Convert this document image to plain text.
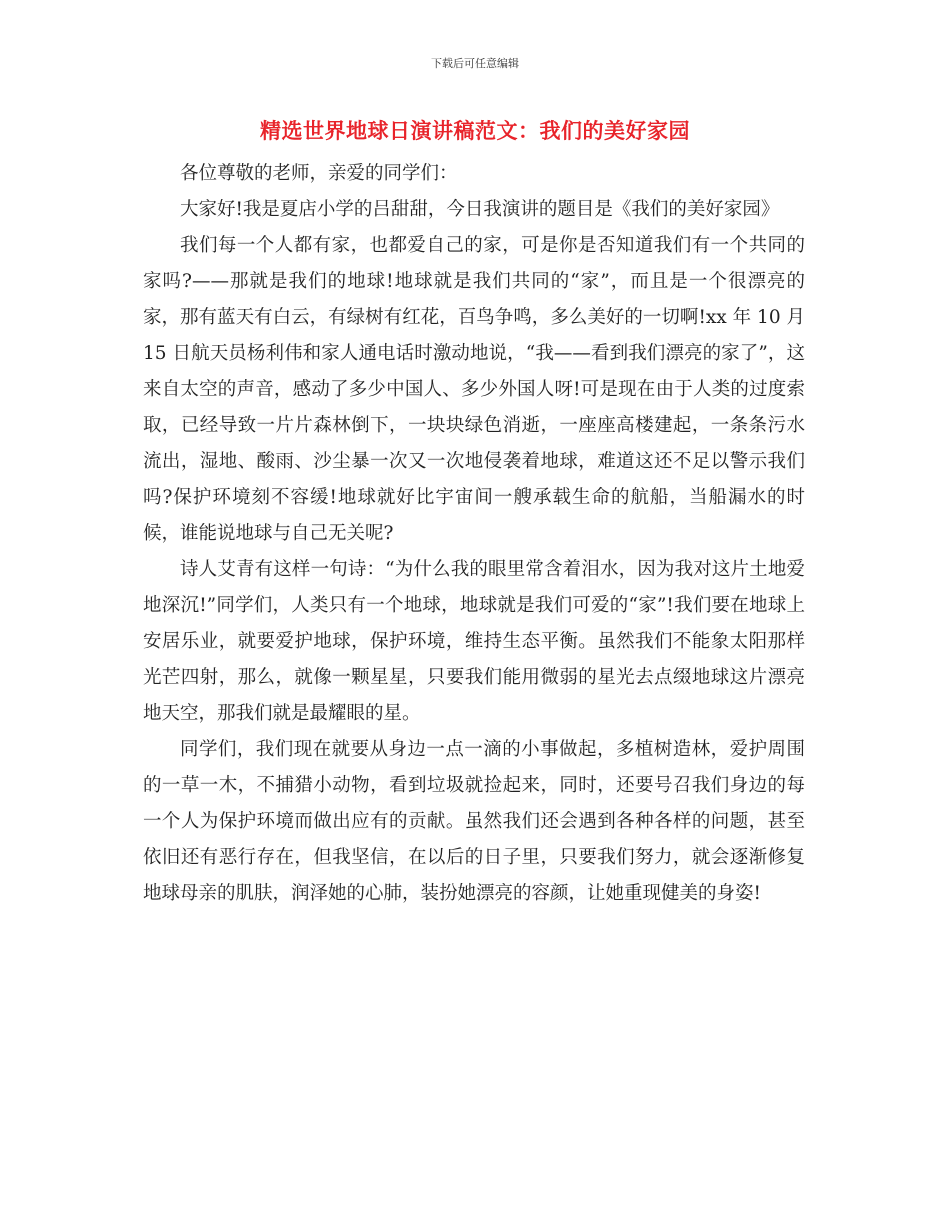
下载后可任意编辑
精选世界地球日演讲稿范文：我们的美好家园

各位尊敬的老师，亲爱的同学们：

大家好!我是夏店小学的吕甜甜，今日我演讲的题目是《我们的美好家园》

我们每一个人都有家，也都爱自己的家，可是你是否知道我们有一个共同的家吗?——那就是我们的地球!地球就是我们共同的“家”，而且是一个很漂亮的家，那有蓝天有白云，有绿树有红花，百鸟争鸣，多么美好的一切啊!xx 年 10 月 15 日航天员杨利伟和家人通电话时激动地说，“我——看到我们漂亮的家了”，这来自太空的声音，感动了多少中国人、多少外国人呀!可是现在由于人类的过度索取，已经导致一片片森林倒下，一块块绿色消逝，一座座高楼建起，一条条污水流出，湿地、酸雨、沙尘暴一次又一次地侵袭着地球，难道这还不足以警示我们吗?保护环境刻不容缓!地球就好比宇宙间一艘承载生命的航船，当船漏水的时候，谁能说地球与自己无关呢?

诗人艾青有这样一句诗：“为什么我的眼里常含着泪水，因为我对这片土地爱地深沉!”同学们，人类只有一个地球，地球就是我们可爱的“家”!我们要在地球上安居乐业，就要爱护地球，保护环境，维持生态平衡。虽然我们不能象太阳那样光芒四射，那么，就像一颗星星，只要我们能用微弱的星光去点缀地球这片漂亮地天空，那我们就是最耀眼的星。

同学们，我们现在就要从身边一点一滴的小事做起，多植树造林，爱护周围的一草一木，不捕猎小动物，看到垃圾就捡起来，同时，还要号召我们身边的每一个人为保护环境而做出应有的贡献。虽然我们还会遇到各种各样的问题，甚至依旧还有恶行存在，但我坚信，在以后的日子里，只要我们努力，就会逐渐修复地球母亲的肌肤，润泽她的心肺，装扮她漂亮的容颜，让她重现健美的身姿!
